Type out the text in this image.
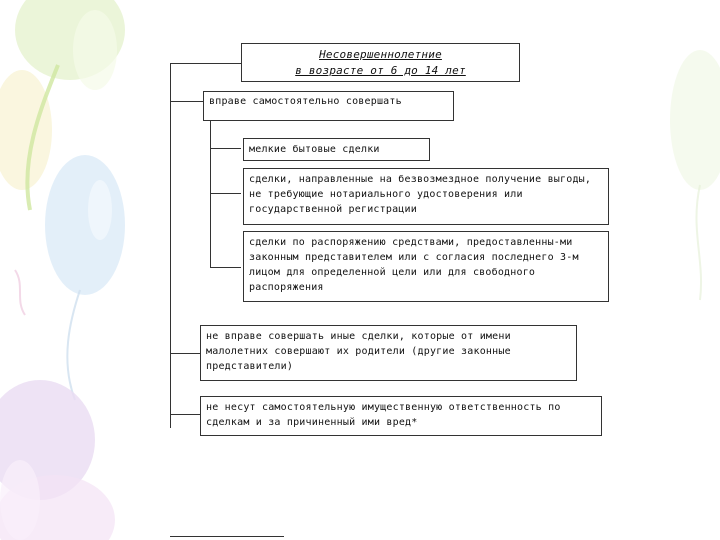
Несовершеннолетние
в возрасте от 6 до 14 лет
вправе самостоятельно совершать
мелкие бытовые сделки
сделки, направленные на безвозмездное получение выгоды, не требующие нотариального удостоверения или государственной регистрации
сделки по распоряжению средствами, предоставленны-ми законным представителем или с согласия последнего 3-м лицом для определенной цели или для свободного распоряжения
не вправе совершать иные сделки, которые от имени малолетних совершают их родители (другие законные представители)
не несут самостоятельную имущественную ответственность по сделкам и за причиненный ими вред*
